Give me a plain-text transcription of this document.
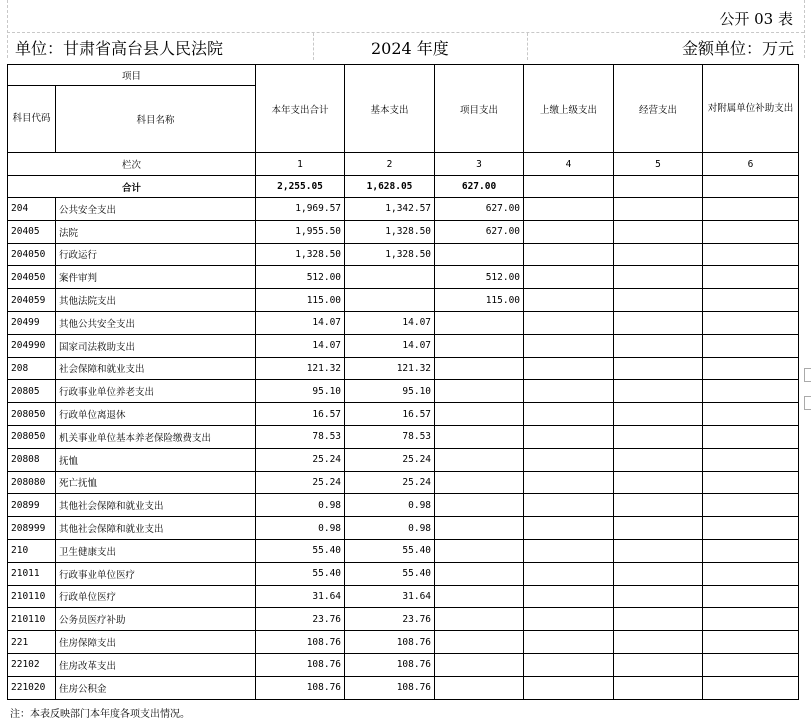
公开 03 表
单位：甘肃省高台县人民法院	2024 年度	金额单位：万元
项目		本年支出合计	基本支出	项目支出	上缴上级支出	经营支出	对附属单位补助支出
科目代码	科目名称						
栏次		1	2	3	4	5	6
合计		2,255.05	1,628.05	627.00			
204	公共安全支出	1,969.57	1,342.57	627.00			
20405	法院	1,955.50	1,328.50	627.00			
204050	行政运行	1,328.50	1,328.50				
204050	案件审判	512.00		512.00			
204059	其他法院支出	115.00		115.00			
20499	其他公共安全支出	14.07	14.07				
204990	国家司法救助支出	14.07	14.07				
208	社会保障和就业支出	121.32	121.32				
20805	行政事业单位养老支出	95.10	95.10				
208050	行政单位离退休	16.57	16.57				
208050	机关事业单位基本养老保险缴费支出	78.53	78.53				
20808	抚恤	25.24	25.24				
208080	死亡抚恤	25.24	25.24				
20899	其他社会保障和就业支出	0.98	0.98				
208999	其他社会保障和就业支出	0.98	0.98				
210	卫生健康支出	55.40	55.40				
21011	行政事业单位医疗	55.40	55.40				
210110	行政单位医疗	31.64	31.64				
210110	公务员医疗补助	23.76	23.76				
221	住房保障支出	108.76	108.76				
22102	住房改革支出	108.76	108.76				
221020	住房公积金	108.76	108.76				
注：本表反映部门本年度各项支出情况。
